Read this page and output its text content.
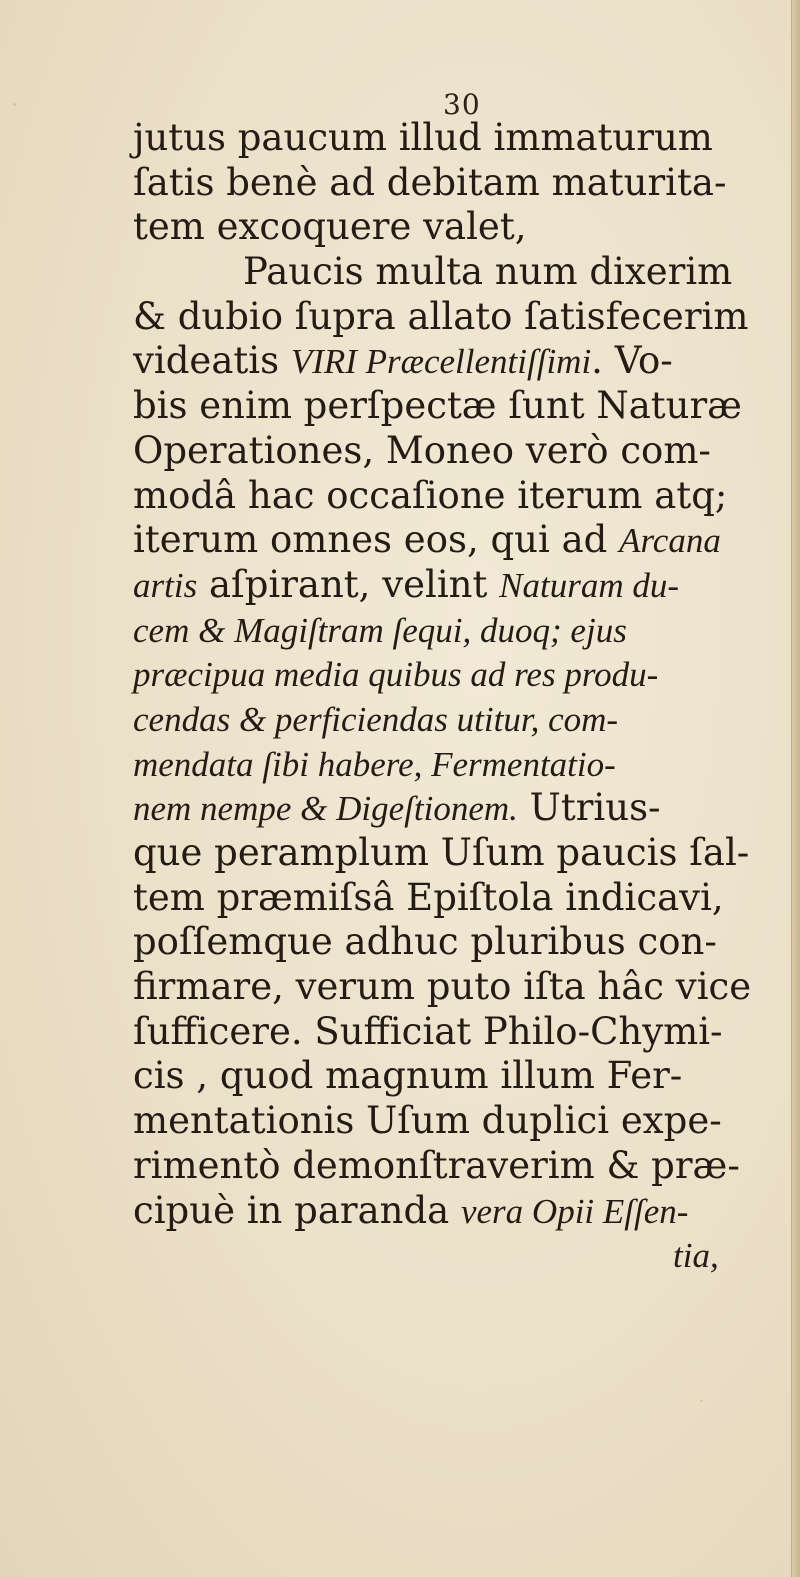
30
jutus paucum illud immaturum
ſatis benè ad debitam maturita-
tem excoquere valet,
Paucis multa num dixerim
& dubio ſupra allato ſatisfecerim
videatis VIRI Præcellentiſſimi. Vo-
bis enim perſpectæ ſunt Naturæ
Operationes, Moneo verò com-
modâ hac occaſione iterum atq;
iterum omnes eos, qui ad Arcana
artis aſpirant, velint Naturam du-
cem & Magiſtram ſequi, duoq; ejus
præcipua media quibus ad res produ-
cendas & perficiendas utitur, com-
mendata ſibi habere, Fermentatio-
nem nempe & Digeſtionem. Utrius-
que peramplum Uſum paucis ſal-
tem præmiſsâ Epiſtola indicavi,
poſſemque adhuc pluribus con-
firmare, verum puto iſta hâc vice
ſufficere. Sufficiat Philo-Chymi-
cis , quod magnum illum Fer-
mentationis Uſum duplici expe-
rimentò demonſtraverim & præ-
cipuè in paranda vera Opii Eſſen-
tia,
